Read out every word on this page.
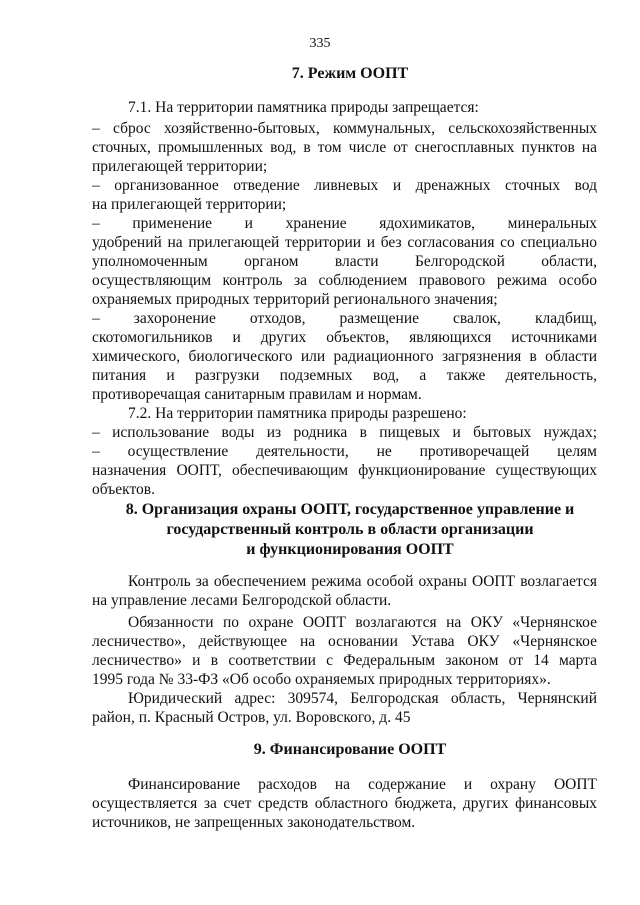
335
7. Режим ООПТ
7.1. На территории памятника природы запрещается:
– сброс хозяйственно-бытовых, коммунальных, сельскохозяйственных
сточных, промышленных вод, в том числе от снегосплавных пунктов на
прилегающей территории;
– организованное отведение ливневых и дренажных сточных вод
на прилегающей территории;
– применение и хранение ядохимикатов, минеральных
удобрений на прилегающей территории и без согласования со специально
уполномоченным органом власти Белгородской области,
осуществляющим контроль за соблюдением правового режима особо
охраняемых природных территорий регионального значения;
– захоронение отходов, размещение свалок, кладбищ,
скотомогильников и других объектов, являющихся источниками
химического, биологического или радиационного загрязнения в области
питания и разгрузки подземных вод, а также деятельность,
противоречащая санитарным правилам и нормам.
7.2. На территории памятника природы разрешено:
– использование воды из родника в пищевых и бытовых нуждах;
– осуществление деятельности, не противоречащей целям
назначения ООПТ, обеспечивающим функционирование существующих
объектов.
8. Организация охраны ООПТ, государственное управление и
государственный контроль в области организации
и функционирования ООПТ
Контроль за обеспечением режима особой охраны ООПТ возлагается
на управление лесами Белгородской области.
Обязанности по охране ООПТ возлагаются на ОКУ «Чернянское
лесничество», действующее на основании Устава ОКУ «Чернянское
лесничество» и в соответствии с Федеральным законом от 14 марта
1995 года № 33-ФЗ «Об особо охраняемых природных территориях».
Юридический адрес: 309574, Белгородская область, Чернянский
район, п. Красный Остров, ул. Воровского, д. 45
9. Финансирование ООПТ
Финансирование расходов на содержание и охрану ООПТ
осуществляется за счет средств областного бюджета, других финансовых
источников, не запрещенных законодательством.
